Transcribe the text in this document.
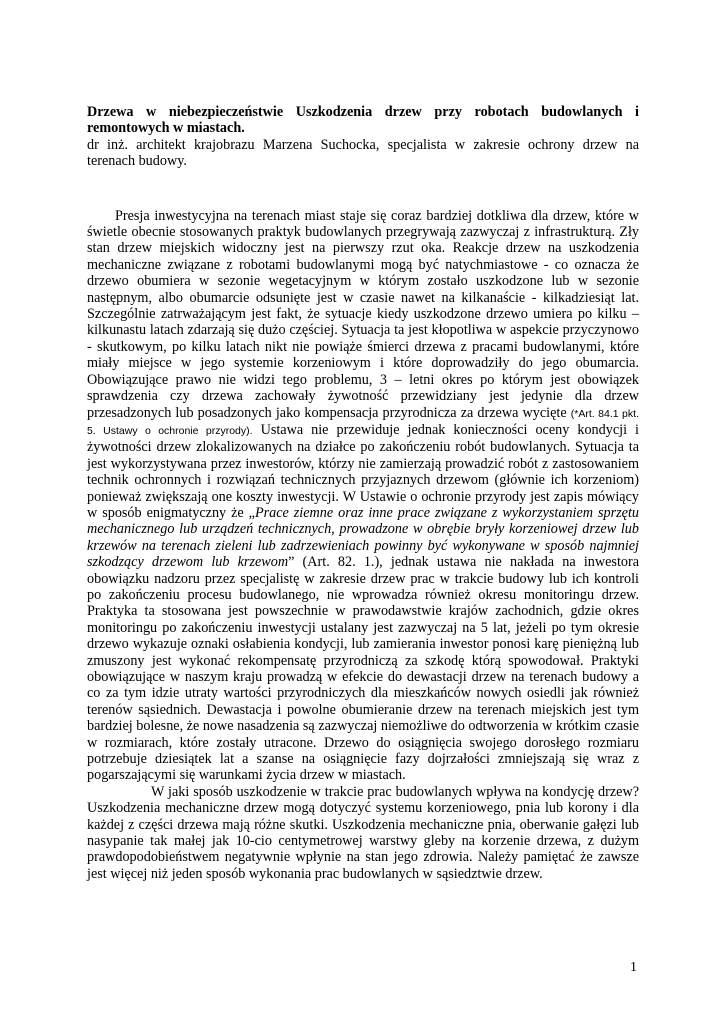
Drzewa w niebezpieczeństwie Uszkodzenia drzew przy robotach budowlanych i remontowych w miastach.

dr inż. architekt krajobrazu Marzena Suchocka, specjalista w zakresie ochrony drzew na terenach budowy.

Presja inwestycyjna na terenach miast staje się coraz bardziej dotkliwa dla drzew, które w świetle obecnie stosowanych praktyk budowlanych przegrywają zazwyczaj z infrastrukturą. Zły stan drzew miejskich widoczny jest na pierwszy rzut oka. Reakcje drzew na uszkodzenia mechaniczne związane z robotami budowlanymi mogą być natychmiastowe - co oznacza że drzewo obumiera w sezonie wegetacyjnym w którym zostało uszkodzone lub w sezonie następnym, albo obumarcie odsunięte jest w czasie nawet na kilkanaście - kilkadziesiąt lat. Szczególnie zatrważającym jest fakt, że sytuacje kiedy uszkodzone drzewo umiera po kilku – kilkunastu latach zdarzają się dużo częściej. Sytuacja ta jest kłopotliwa w aspekcie przyczynowo - skutkowym, po kilku latach nikt nie powiąże śmierci drzewa z pracami budowlanymi, które miały miejsce w jego systemie korzeniowym i które doprowadziły do jego obumarcia. Obowiązujące prawo nie widzi tego problemu, 3 – letni okres po którym jest obowiązek sprawdzenia czy drzewa zachowały żywotność przewidziany jest jedynie dla drzew przesadzonych lub posadzonych jako kompensacja przyrodnicza za drzewa wycięte (*Art. 84.1 pkt. 5. Ustawy o ochronie przyrody). Ustawa nie przewiduje jednak konieczności oceny kondycji i żywotności drzew zlokalizowanych na działce po zakończeniu robót budowlanych. Sytuacja ta jest wykorzystywana przez inwestorów, którzy nie zamierzają prowadzić robót z zastosowaniem technik ochronnych i rozwiązań technicznych przyjaznych drzewom (głównie ich korzeniom) ponieważ zwiększają one koszty inwestycji. W Ustawie o ochronie przyrody jest zapis mówiący w sposób enigmatyczny że „Prace ziemne oraz inne prace związane z wykorzystaniem sprzętu mechanicznego lub urządzeń technicznych, prowadzone w obrębie bryły korzeniowej drzew lub krzewów na terenach zieleni lub zadrzewieniach powinny być wykonywane w sposób najmniej szkodzący drzewom lub krzewom” (Art. 82. 1.), jednak ustawa nie nakłada na inwestora obowiązku nadzoru przez specjalistę w zakresie drzew prac w trakcie budowy lub ich kontroli po zakończeniu procesu budowlanego, nie wprowadza również okresu monitoringu drzew. Praktyka ta stosowana jest powszechnie w prawodawstwie krajów zachodnich, gdzie okres monitoringu po zakończeniu inwestycji ustalany jest zazwyczaj na 5 lat, jeżeli po tym okresie drzewo wykazuje oznaki osłabienia kondycji, lub zamierania inwestor ponosi karę pieniężną lub zmuszony jest wykonać rekompensatę przyrodniczą za szkodę którą spowodował. Praktyki obowiązujące w naszym kraju prowadzą w efekcie do dewastacji drzew na terenach budowy a co za tym idzie utraty wartości przyrodniczych dla mieszkańców nowych osiedli jak również terenów sąsiednich. Dewastacja i powolne obumieranie drzew na terenach miejskich jest tym bardziej bolesne, że nowe nasadzenia są zazwyczaj niemożliwe do odtworzenia w krótkim czasie w rozmiarach, które zostały utracone. Drzewo do osiągnięcia swojego dorosłego rozmiaru potrzebuje dziesiątek lat a szanse na osiągnięcie fazy dojrzałości zmniejszają się wraz z pogarszającymi się warunkami życia drzew w miastach.

W jaki sposób uszkodzenie w trakcie prac budowlanych wpływa na kondycję drzew? Uszkodzenia mechaniczne drzew mogą dotyczyć systemu korzeniowego, pnia lub korony i dla każdej z części drzewa mają różne skutki. Uszkodzenia mechaniczne pnia, oberwanie gałęzi lub nasypanie tak małej jak 10-cio centymetrowej warstwy gleby na korzenie drzewa, z dużym prawdopodobieństwem negatywnie wpłynie na stan jego zdrowia. Należy pamiętać że zawsze jest więcej niż jeden sposób wykonania prac budowlanych w sąsiedztwie drzew.

1
